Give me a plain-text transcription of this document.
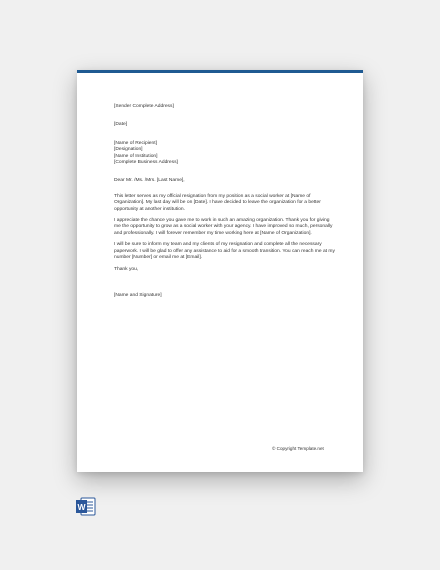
[Sender Complete Address]

[Date]

[Name of Recipient]

[Designation]

[Name of Institution]

[Complete Business Address]

Dear Mr. /Ms. /Mrs. [Last Name],

This letter serves as my official resignation from my position as a social worker at [Name of Organization]. My last day will be on [Date]. I have decided to leave the organization for a better opportunity at another institution.

I appreciate the chance you gave me to work in such an amazing organization. Thank you for giving me the opportunity to grow as a social worker with your agency. I have improved so much, personally and professionally. I will forever remember my time working here at [Name of Organization].

I will be sure to inform my team and my clients of my resignation and complete all the necessary paperwork. I will be glad to offer any assistance to aid for a smooth transition. You can reach me at my number [Number] or email me at [Email].

Thank you,

[Name and Signature]

© Copyright Template.net
W
